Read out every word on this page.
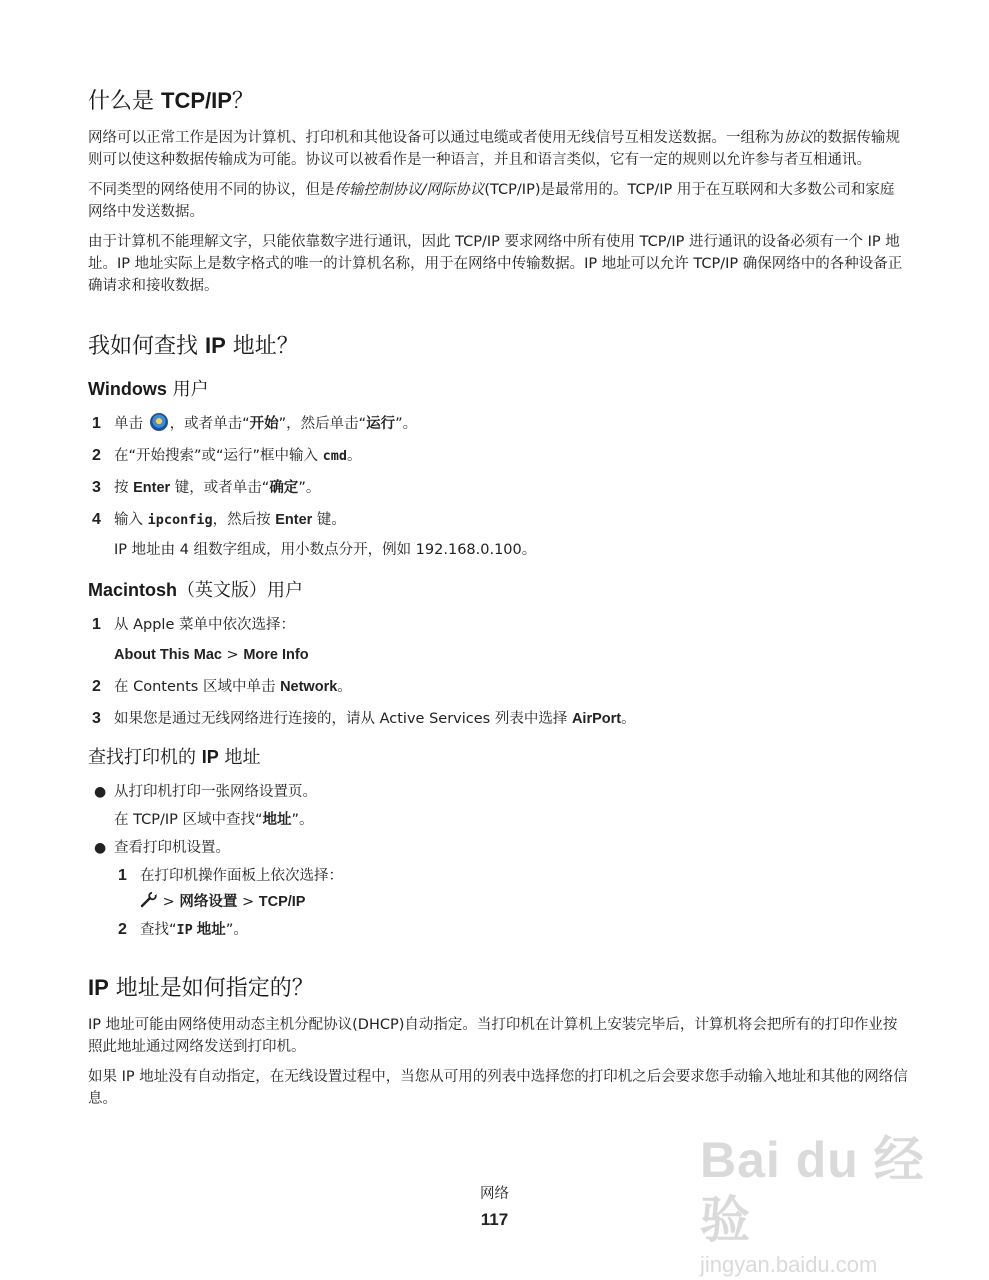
什么是 TCP/IP？

网络可以正常工作是因为计算机、打印机和其他设备可以通过电缆或者使用无线信号互相发送数据。一组称为协议的数据传输规则可以使这种数据传输成为可能。协议可以被看作是一种语言，并且和语言类似，它有一定的规则以允许参与者互相通讯。

不同类型的网络使用不同的协议，但是传输控制协议/网际协议(TCP/IP)是最常用的。TCP/IP 用于在互联网和大多数公司和家庭网络中发送数据。

由于计算机不能理解文字，只能依靠数字进行通讯，因此 TCP/IP 要求网络中所有使用 TCP/IP 进行通讯的设备必须有一个 IP 地址。IP 地址实际上是数字格式的唯一的计算机名称，用于在网络中传输数据。IP 地址可以允许 TCP/IP 确保网络中的各种设备正确请求和接收数据。

我如何查找 IP 地址？
Windows 用户
1 单击 ，或者单击“开始”，然后单击“运行”。
2 在“开始搜索”或“运行”框中输入 cmd。
3 按 Enter 键，或者单击“确定”。
4 输入 ipconfig，然后按 Enter 键。
IP 地址由 4 组数字组成，用小数点分开，例如 192.168.0.100。
Macintosh（英文版）用户
1 从 Apple 菜单中依次选择：
About This Mac > More Info
2 在 Contents 区域中单击 Network。
3 如果您是通过无线网络进行连接的，请从 Active Services 列表中选择 AirPort。
查找打印机的 IP 地址
● 从打印机打印一张网络设置页。
在 TCP/IP 区域中查找“地址”。
● 查看打印机设置。
1 在打印机操作面板上依次选择：
> 网络设置 > TCP/IP
2 查找“IP 地址”。
IP 地址是如何指定的？

IP 地址可能由网络使用动态主机分配协议(DHCP)自动指定。当打印机在计算机上安装完毕后，计算机将会把所有的打印作业按照此地址通过网络发送到打印机。

如果 IP 地址没有自动指定，在无线设置过程中，当您从可用的列表中选择您的打印机之后会要求您手动输入地址和其他的网络信息。

网络
117
Bai du 经验
jingyan.baidu.com
